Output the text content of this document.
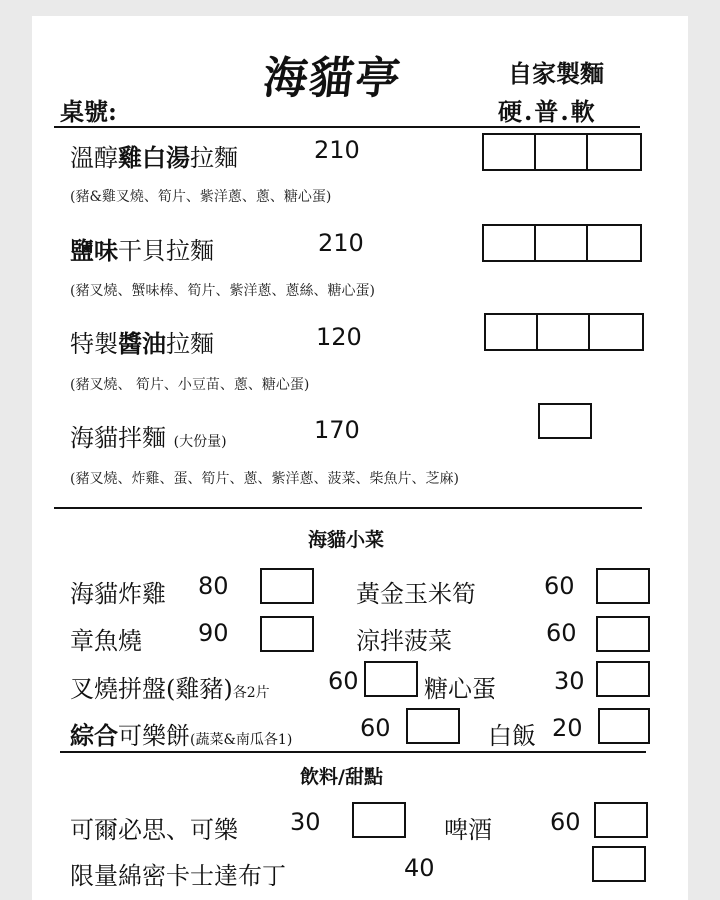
海貓亭
桌號:
自家製麵
硬.普.軟
溫醇雞白湯拉麵	210
(豬&雞叉燒、筍片、紫洋蔥、蔥、糖心蛋)
鹽味干貝拉麵	210
(豬叉燒、蟹味棒、筍片、紫洋蔥、蔥絲、糖心蛋)
特製醬油拉麵	120
(豬叉燒、 筍片、小豆苗、蔥、糖心蛋)
海貓拌麵 (大份量)	170
(豬叉燒、炸雞、蛋、筍片、蔥、紫洋蔥、菠菜、柴魚片、芝麻)
海貓小菜
海貓炸雞 80	黃金玉米筍	60
章魚燒 90	涼拌菠菜	60
叉燒拼盤(雞豬)各2片 60	糖心蛋 30
綜合可樂餅(蔬菜&南瓜各1)	60	白飯 20
飲料/甜點
可爾必思、可樂 30	啤酒 60
限量綿密卡士達布丁	40
